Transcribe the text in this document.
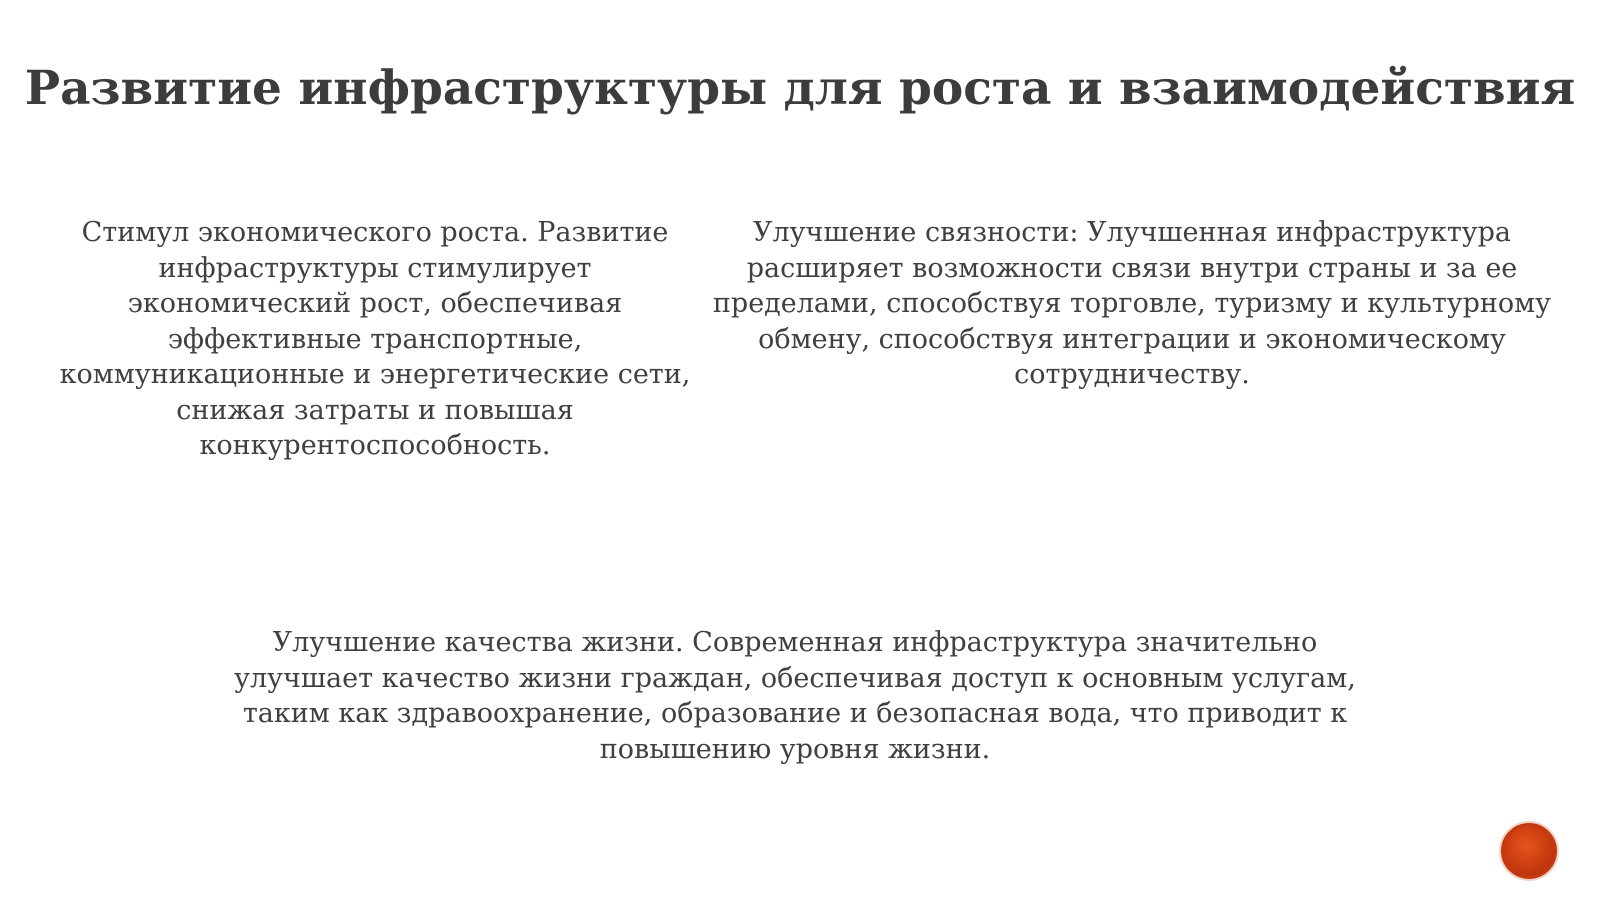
Развитие инфраструктуры для роста и взаимодействия

Стимул экономического роста. Развитие инфраструктуры стимулирует экономический рост, обеспечивая эффективные транспортные, коммуникационные и энергетические сети, снижая затраты и повышая конкурентоспособность.

Улучшение связности: Улучшенная инфраструктура расширяет возможности связи внутри страны и за ее пределами, способствуя торговле, туризму и культурному обмену, способствуя интеграции и экономическому сотрудничеству.

Улучшение качества жизни. Современная инфраструктура значительно улучшает качество жизни граждан, обеспечивая доступ к основным услугам, таким как здравоохранение, образование и безопасная вода, что приводит к повышению уровня жизни.
